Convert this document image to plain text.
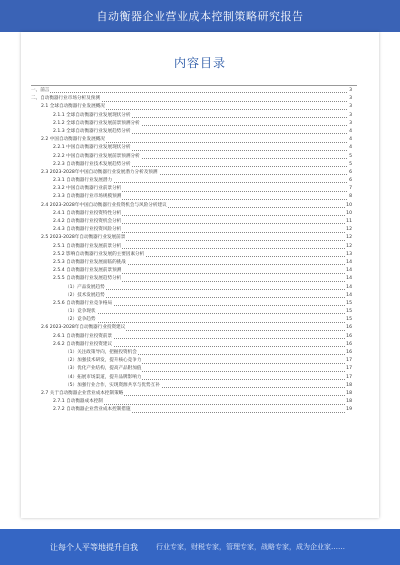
自动衡器企业营业成本控制策略研究报告
内容目录
一、前言	3
二、自动衡器行业市场分析及预测	3
2.1 全球自动衡器行业发展概况	3
2.1.1 全球自动衡器行业发展现状分析	3
2.1.2 全球自动衡器行业发展前景预测分析	3
2.1.3 全球自动衡器行业发展趋势分析	4
2.2 中国自动衡器行业发展概况	4
2.2.1 中国自动衡器行业发展现状分析	4
2.2.2 中国自动衡器行业发展前景预测分析	5
2.2.3 自动衡器行业技术发展趋势分析	5
2.3 2023-2028年中国自动衡器行业发展潜力分析及预测	6
2.3.1 自动衡器行业发展潜力	6
2.3.2 中国自动衡器行业前景分析	7
2.3.3 自动衡器行业市场规模预测	8
2.4 2023-2028年中国自动衡器行业投资机会与风险分析建议	10
2.4.1 自动衡器行业投资特性分析	10
2.4.2 自动衡器行业投资机会分析	11
2.4.3 自动衡器行业投资风险分析	12
2.5 2023-2028年自动衡器行业发展前景	12
2.5.1 自动衡器行业发展前景分析	12
2.5.2 影响自动衡器行业发展的主要因素分析	13
2.5.3 自动衡器行业发展面临的挑战	14
2.5.4 自动衡器行业发展前景预测	14
2.5.5 自动衡器行业发展趋势分析	14
（1）产品发展趋势	14
（2）技术发展趋势	14
2.5.6 自动衡器行业竞争格局	15
（1）竞争现状	15
（2）竞争趋势	15
2.6 2023-2028年自动衡器行业投资建议	16
2.6.1 自动衡器行业投资前景	16
2.6.2 自动衡器行业投资建议	16
（1）关注政策导向，把握投资机会	16
（2）加强技术研发，提升核心竞争力	17
（3）优化产业结构，提高产品附加值	17
（4）拓展市场渠道，提升品牌影响力	17
（5）加强行业合作，实现资源共享与优势互补	18
2.7 关于自动衡器企业营业成本控制策略	18
2.7.1 自动衡器成本控制	18
2.7.2 自动衡器企业营业成本控制措施	19
让每个人平等地提升自我	行业专家，财税专家，管理专家，战略专家，成为企业家……
